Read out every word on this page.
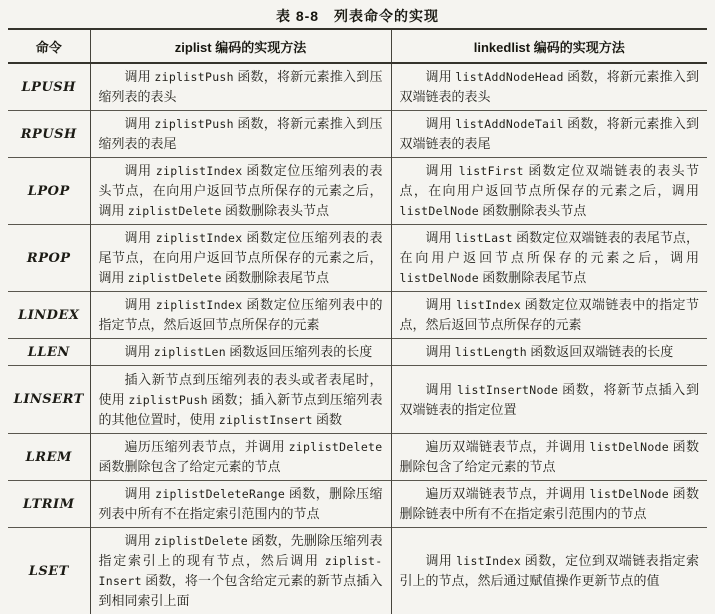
表 8-8　列表命令的实现
命令	ziplist 编码的实现方法	linkedlist 编码的实现方法
LPUSH	调用 ziplistPush 函数，将新元素推入到压缩列表的表头	调用 listAddNodeHead 函数，将新元素推入到双端链表的表头
RPUSH	调用 ziplistPush 函数，将新元素推入到压缩列表的表尾	调用 listAddNodeTail 函数，将新元素推入到双端链表的表尾
LPOP	调用 ziplistIndex 函数定位压缩列表的表头节点，在向用户返回节点所保存的元素之后，调用 ziplistDelete 函数删除表头节点	调用 listFirst 函数定位双端链表的表头节点，在向用户返回节点所保存的元素之后，调用 listDelNode 函数删除表头节点
RPOP	调用 ziplistIndex 函数定位压缩列表的表尾节点，在向用户返回节点所保存的元素之后，调用 ziplistDelete 函数删除表尾节点	调用 listLast 函数定位双端链表的表尾节点，在向用户返回节点所保存的元素之后，调用 listDelNode 函数删除表尾节点
LINDEX	调用 ziplistIndex 函数定位压缩列表中的指定节点，然后返回节点所保存的元素	调用 listIndex 函数定位双端链表中的指定节点，然后返回节点所保存的元素
LLEN	调用 ziplistLen 函数返回压缩列表的长度	调用 listLength 函数返回双端链表的长度
LINSERT	插入新节点到压缩列表的表头或者表尾时，使用 ziplistPush 函数；插入新节点到压缩列表的其他位置时，使用 ziplistInsert 函数	调用 listInsertNode 函数，将新节点插入到双端链表的指定位置
LREM	遍历压缩列表节点，并调用 ziplistDelete 函数删除包含了给定元素的节点	遍历双端链表节点，并调用 listDelNode 函数删除包含了给定元素的节点
LTRIM	调用 ziplistDeleteRange 函数，删除压缩列表中所有不在指定索引范围内的节点	遍历双端链表节点，并调用 listDelNode 函数删除链表中所有不在指定索引范围内的节点
LSET	调用 ziplistDelete 函数，先删除压缩列表指定索引上的现有节点，然后调用 ziplist-Insert 函数，将一个包含给定元素的新节点插入到相同索引上面	调用 listIndex 函数，定位到双端链表指定索引上的节点，然后通过赋值操作更新节点的值
